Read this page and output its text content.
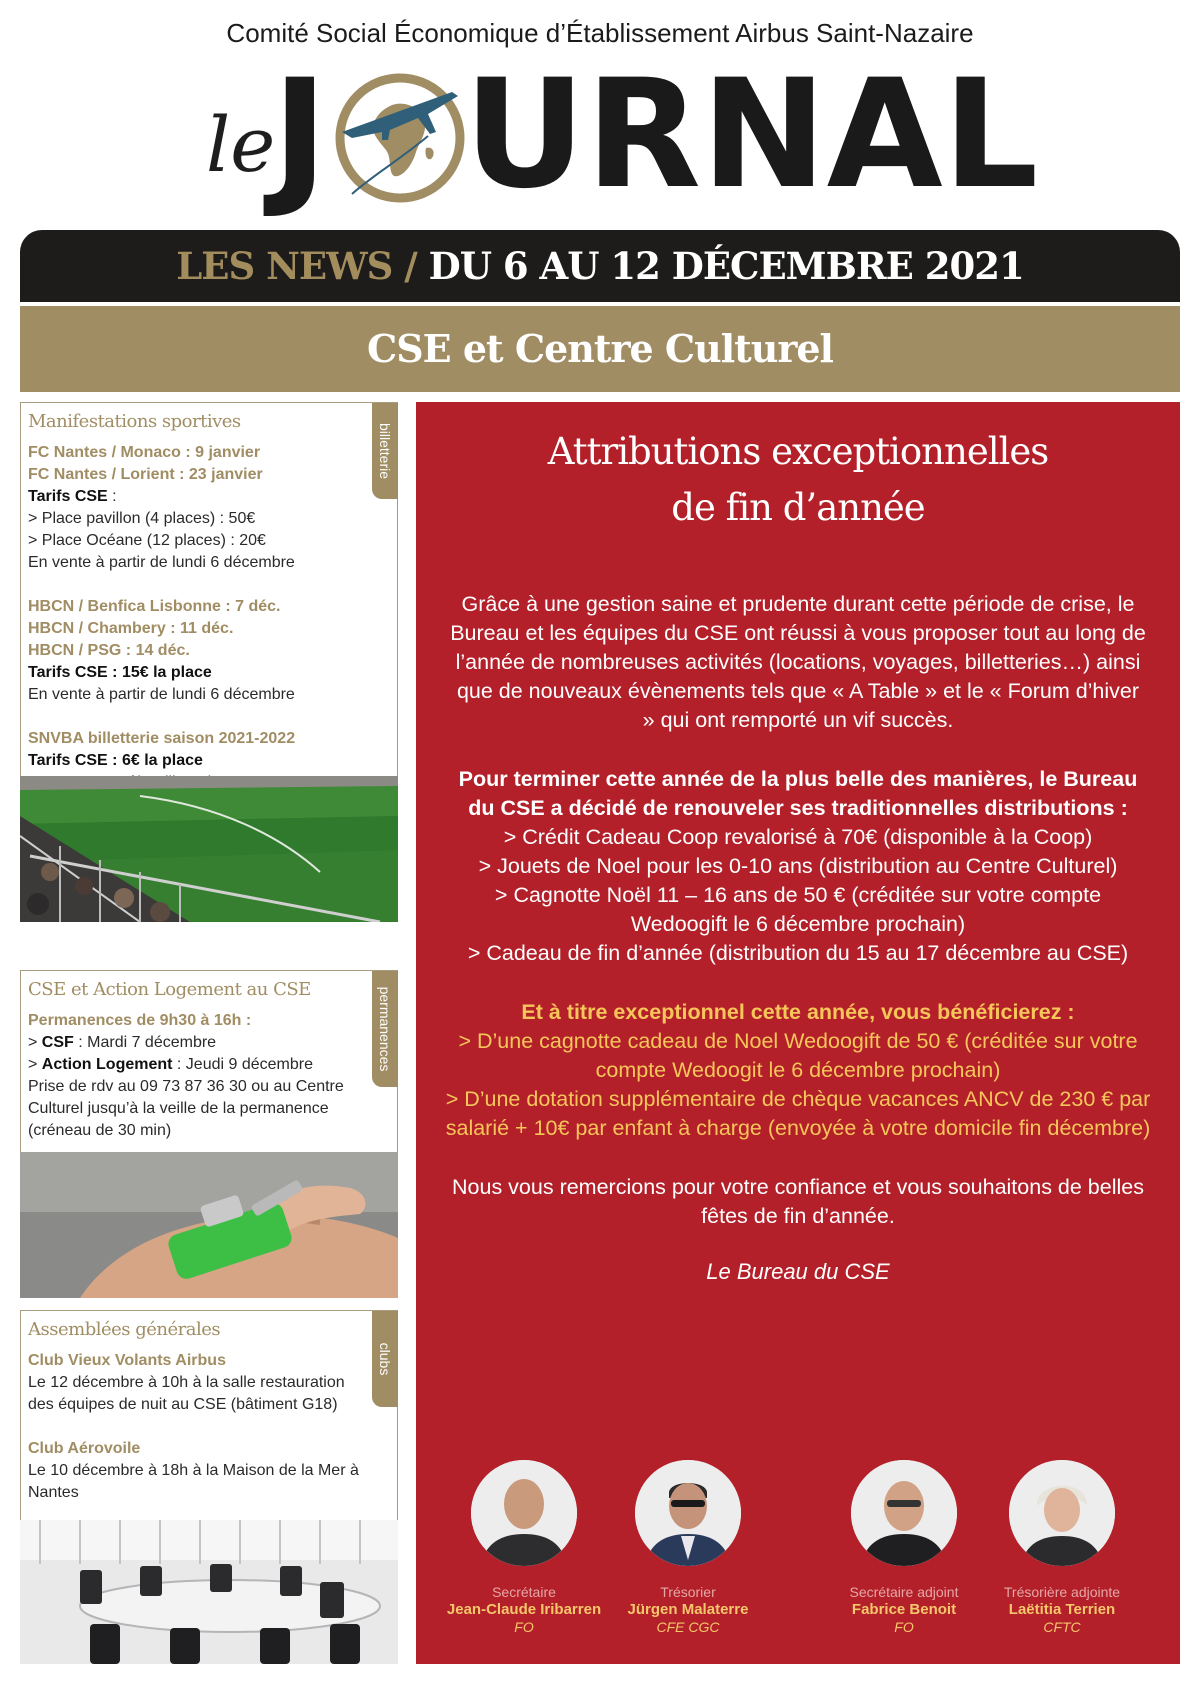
Comité Social Économique d’Établissement Airbus Saint-Nazaire
le
J URNAL
LES NEWS / DU 6 AU 12 DÉCEMBRE 2021
CSE et Centre Culturel
billetterie
Manifestations sportives
FC Nantes / Monaco : 9 janvier
FC Nantes / Lorient : 23 janvier
Tarifs CSE :
> Place pavillon (4 places) : 50€
> Place Océane (12 places) : 20€
En vente à partir de lundi 6 décembre
HBCN / Benfica Lisbonne : 7 déc.
HBCN / Chambery : 11 déc.
HBCN / PSG : 14 déc.
Tarifs CSE : 15€ la place
En vente à partir de lundi 6 décembre
SNVBA billetterie saison 2021-2022
Tarifs CSE : 6€ la place
permanences
CSE et Action Logement au CSE
Permanences de 9h30 à 16h :
> CSF : Mardi 7 décembre
> Action Logement : Jeudi 9 décembre
Prise de rdv au 09 73 87 36 30 ou au Centre Culturel jusqu’à la veille de la permanence (créneau de 30 min)
clubs
Assemblées générales
Club Vieux Volants Airbus
Le 12 décembre à 10h à la salle restauration des équipes de nuit au CSE (bâtiment G18)
Club Aérovoile
Le 10 décembre à 18h à la Maison de la Mer à Nantes
Attributions exceptionnelles
de fin d’année
Grâce à une gestion saine et prudente durant cette période de crise, le Bureau et les équipes du CSE ont réussi à vous proposer tout au long de l’année de nombreuses activités (locations, voyages, billetteries…) ainsi que de nouveaux évènements tels que « A Table » et le « Forum d’hiver » qui ont remporté un vif succès.
Pour terminer cette année de la plus belle des manières, le Bureau du CSE a décidé de renouveler ses traditionnelles distributions :
> Crédit Cadeau Coop revalorisé à 70€ (disponible à la Coop)
> Jouets de Noel pour les 0-10 ans (distribution au Centre Culturel)
> Cagnotte Noël 11 – 16 ans de 50 € (créditée sur votre compte Wedoogift le 6 décembre prochain)
> Cadeau de fin d’année (distribution du 15 au 17 décembre au CSE)
Et à titre exceptionnel cette année, vous bénéficierez :
> D’une cagnotte cadeau de Noel Wedoogift de 50 € (créditée sur votre compte Wedoogit le 6 décembre prochain)
> D’une dotation supplémentaire de chèque vacances ANCV de 230 € par salarié + 10€ par enfant à charge (envoyée à votre domicile fin décembre)
Nous vous remercions pour votre confiance et vous souhaitons de belles fêtes de fin d’année.
Le Bureau du CSE
Secrétaire
Jean-Claude Iribarren
FO
Trésorier
Jürgen Malaterre
CFE CGC
Secrétaire adjoint
Fabrice Benoit
FO
Trésorière adjointe
Laëtitia Terrien
CFTC
